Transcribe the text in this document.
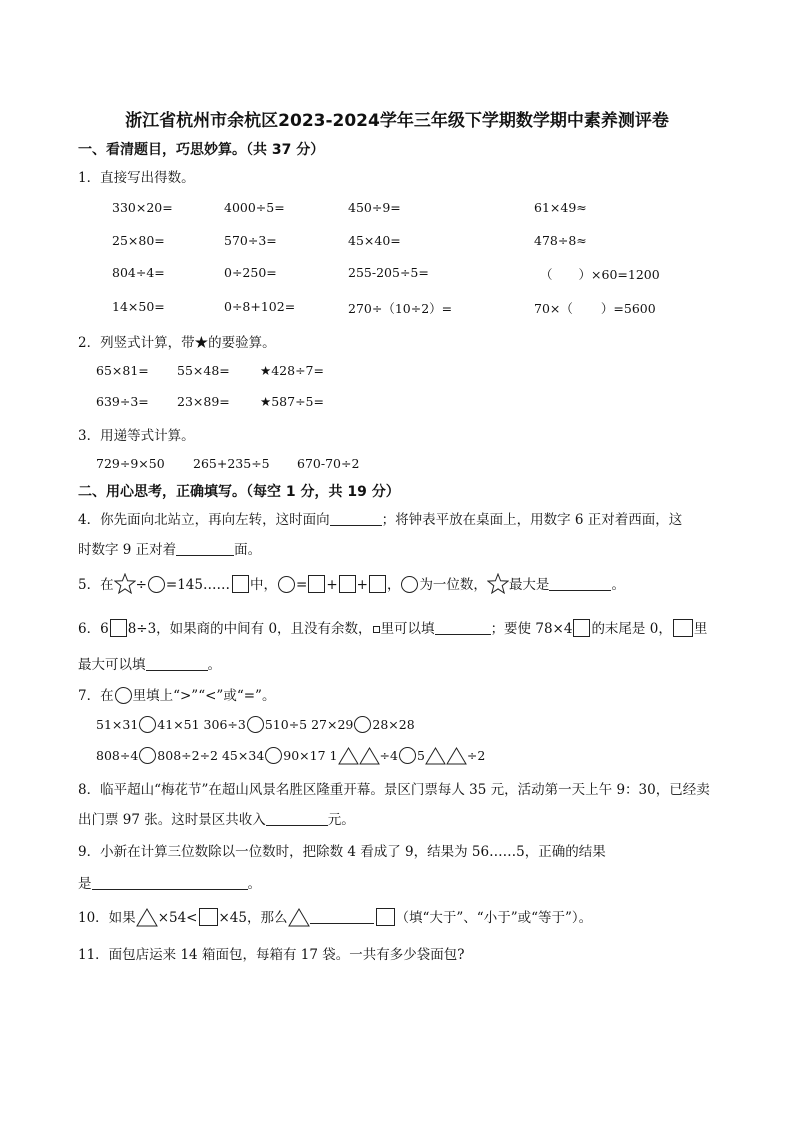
浙江省杭州市余杭区2023-2024学年三年级下学期数学期中素养测评卷
一、看清题目，巧思妙算。（共 37 分）
1．直接写出得数。
330×20=	4000÷5=	450÷9=	61×49≈
25×80=	570÷3=	45×40=	478÷8≈
804÷4=	0÷250=	255-205÷5=	（ ）×60=1200
14×50=	0÷8+102=	270÷（10÷2）=	70×（ ）=5600
2．列竖式计算，带★的要验算。
65×81= 55×48= ★428÷7=
639÷3= 23×89= ★587÷5=
3．用递等式计算。
729÷9×50 265+235÷5 670-70÷2
二、用心思考，正确填写。（每空 1 分，共 19 分）
4．你先面向北站立，再向左转，这时面向	；将钟表平放在桌面上，用数字 6 正对着西面，这
时数字 9 正对着	面。
5．在 ÷ =145…… 中， = + + ， 为一位数， 最大是	。
6．6 8÷3，如果商的中间有 0，且没有余数， 里可以填	；要使 78×4 的末尾是 0， 里
最大可以填	。
7．在 里填上“>”“<”或“=”。
51×31 41×51 306÷3 510÷5 27×29 28×28
808÷4 808÷2÷2 45×34 90×17 1	÷4 5	÷2
8．临平超山“梅花节”在超山风景名胜区隆重开幕。景区门票每人 35 元，活动第一天上午 9：30，已经卖
出门票 97 张。这时景区共收入	元。
9．小新在计算三位数除以一位数时，把除数 4 看成了 9，结果为 56……5，正确的结果
是	。
10．如果 ×54< ×45，那么	（填“大于”、“小于”或“等于”）。
11．面包店运来 14 箱面包，每箱有 17 袋。一共有多少袋面包?
